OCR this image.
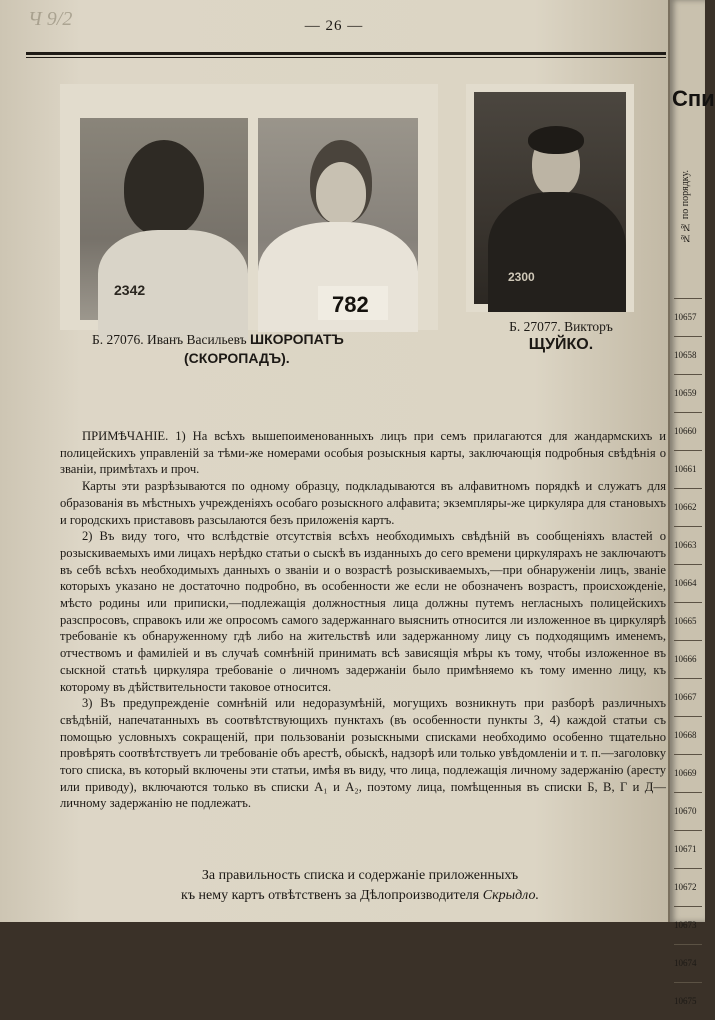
Ч 9/2	— 26 —
2342
782
2300
Б. 27076. Иванъ Васильевъ ШКОРОПАТЪ
(СКОРОПАДЪ).
Б. 27077. Викторъ
ЩУЙКО.

ПРИМѢЧАНІЕ. 1) На всѣхъ вышепоименованныхъ лицъ при семъ прилагаются для жандармскихъ и полицейскихъ управленій за тѣми-же номерами особыя розыскныя карты, заключающія подробныя свѣдѣнія о званіи, примѣтахъ и проч.

Карты эти разрѣзываются по одному образцу, подкладываются въ алфавитномъ порядкѣ и служатъ для образованія въ мѣстныхъ учрежденіяхъ особаго розыскного алфавита; экземпляры-же циркуляра для становыхъ и городскихъ приставовъ разсылаются безъ приложенія картъ.

2) Въ виду того, что вслѣдствіе отсутствія всѣхъ необходимыхъ свѣдѣній въ сообщеніяхъ властей о розыскиваемыхъ ими лицахъ нерѣдко статьи о сыскѣ въ изданныхъ до сего времени циркулярахъ не заключаютъ въ себѣ всѣхъ необходимыхъ данныхъ о званіи и о возрастѣ розыскиваемыхъ,—при обнаруженіи лицъ, званіе которыхъ указано не достаточно подробно, въ особенности же если не обозначенъ возрастъ, происхожденіе, мѣсто родины или приписки,—подлежащія должностныя лица должны путемъ негласныхъ полицейскихъ разспросовъ, справокъ или же опросомъ самого задержаннаго выяснить относится ли изложенное въ циркулярѣ требованіе къ обнаруженному гдѣ либо на жительствѣ или задержанному лицу съ подходящимъ именемъ, отчествомъ и фамиліей и въ случаѣ сомнѣній принимать всѣ зависящія мѣры къ тому, чтобы изложенное въ сыскной статьѣ циркуляра требованіе о личномъ задержаніи было примѣняемо къ тому именно лицу, къ которому въ дѣйствительности таковое относится.

3) Въ предупрежденіе сомнѣній или недоразумѣній, могущихъ возникнуть при разборѣ различныхъ свѣдѣній, напечатанныхъ въ соотвѣтствующихъ пунктахъ (въ особенности пункты 3, 4) каждой статьи съ помощью условныхъ сокращеній, при пользованіи розыскными списками необходимо особенно тщательно провѣрять соотвѣтствуетъ ли требованіе объ арестѣ, обыскѣ, надзорѣ или только увѣдомленіи и т. п.—заголовку того списка, въ который включены эти статьи, имѣя въ виду, что лица, подлежащія личному задержанію (аресту или приводу), включаются только въ списки А₁ и А₂, поэтому лица, помѣщенныя въ списки Б, В, Г и Д—личному задержанію не подлежатъ.

За правильность списка и содержаніе приложенныхъ
къ нему картъ отвѣтственъ за Дѣлопроизводителя Скрыдло.
Спи
№№ по порядку.
10657
10658
10659
10660
10661
10662
10663
10664
10665
10666
10667
10668
10669
10670
10671
10672
10673
10674
10675
